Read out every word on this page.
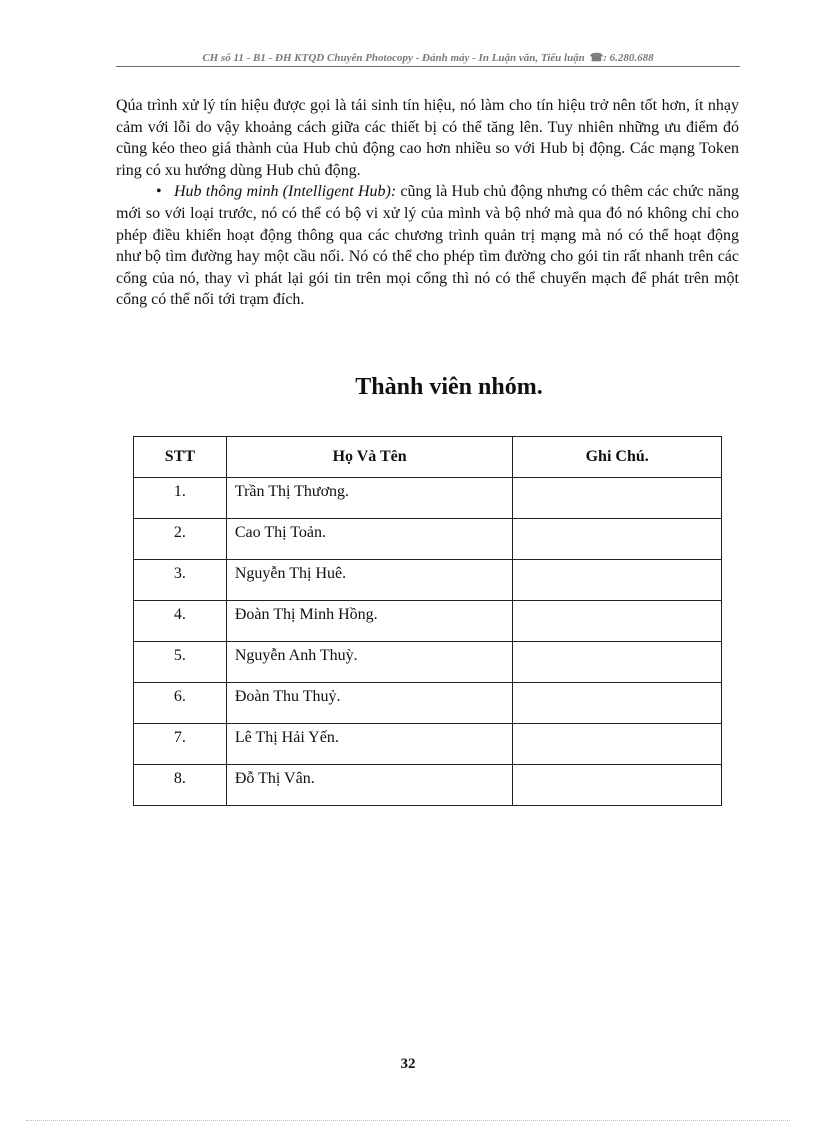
CH số 11 - B1 - ĐH KTQD Chuyên Photocopy - Đánh máy - In Luận văn, Tiểu luận ☎: 6.280.688

Qúa trình xử lý tín hiệu được gọi là tái sinh tín hiệu, nó làm cho tín hiệu trở nên tốt hơn, ít nhạy cảm với lỗi do vậy khoảng cách giữa các thiết bị có thể tăng lên. Tuy nhiên những ưu điểm đó cũng kéo theo giá thành của Hub chủ động cao hơn nhiều so với Hub bị động. Các mạng Token ring có xu hướng dùng Hub chủ động.

• Hub thông minh (Intelligent Hub): cũng là Hub chủ động nhưng có thêm các chức năng mới so với loại trước, nó có thể có bộ vi xử lý của mình và bộ nhớ mà qua đó nó không chỉ cho phép điều khiển hoạt động thông qua các chương trình quản trị mạng mà nó có thể hoạt động như bộ tìm đường hay một cầu nối. Nó có thể cho phép tìm đường cho gói tin rất nhanh trên các cổng của nó, thay vì phát lại gói tin trên mọi cổng thì nó có thể chuyển mạch để phát trên một cổng có thể nối tới trạm đích.

Thành viên nhóm.
STT	Họ Và Tên	Ghi Chú.
1.	Trần Thị Thương.	
2.	Cao Thị Toản.	
3.	Nguyễn Thị Huê.	
4.	Đoàn Thị Minh Hồng.	
5.	Nguyễn Anh Thuỳ.	
6.	Đoàn Thu Thuỷ.	
7.	Lê Thị Hải Yến.	
8.	Đỗ Thị Vân.	
32
